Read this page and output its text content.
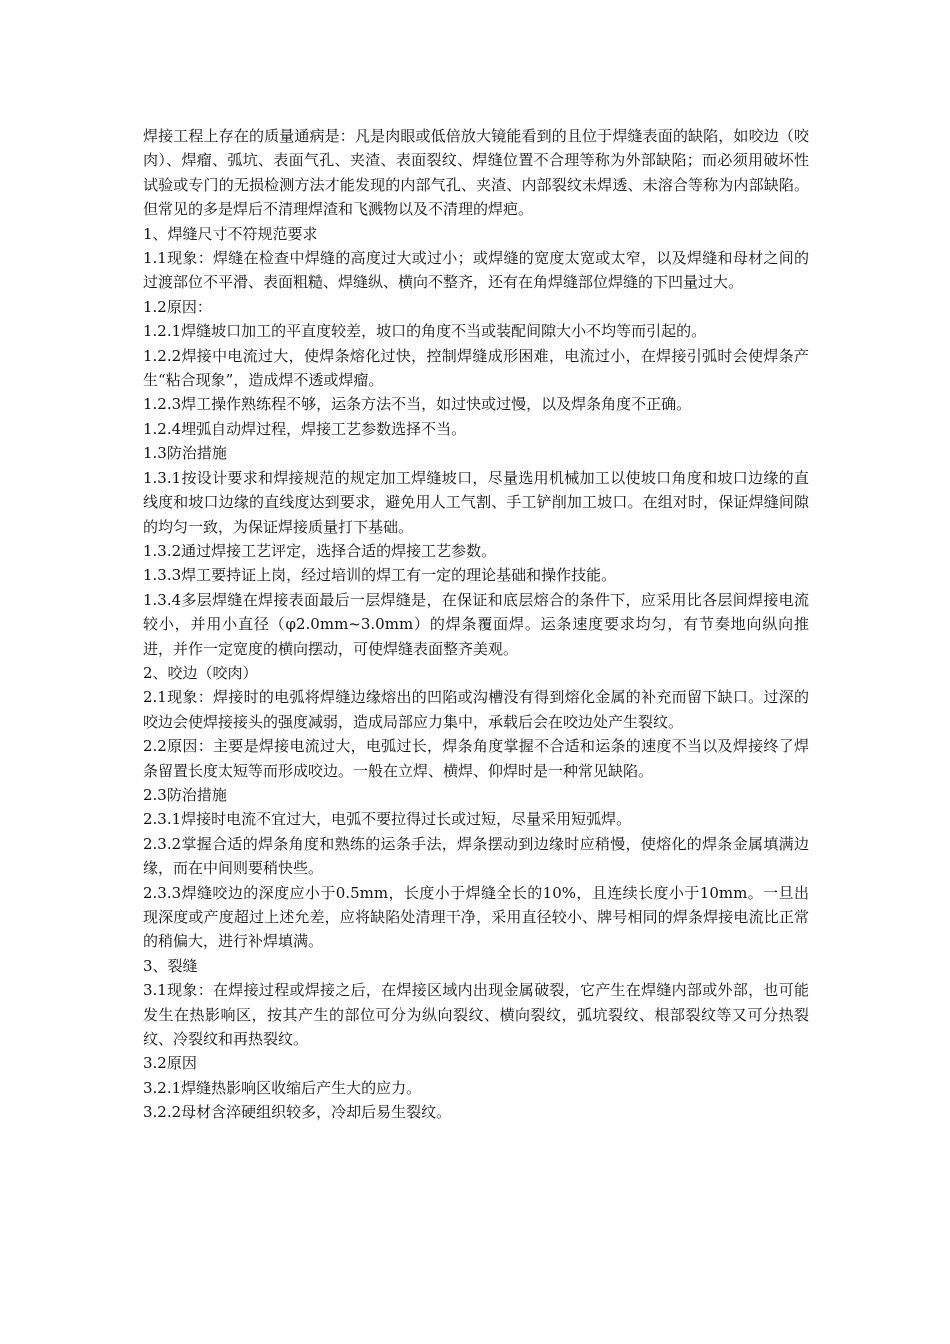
焊接工程上存在的质量通病是：凡是肉眼或低倍放大镜能看到的且位于焊缝表面的缺陷，如咬边（咬肉）、焊瘤、弧坑、表面气孔、夹渣、表面裂纹、焊缝位置不合理等称为外部缺陷；而必须用破坏性试验或专门的无损检测方法才能发现的内部气孔、夹渣、内部裂纹未焊透、未溶合等称为内部缺陷。但常见的多是焊后不清理焊渣和飞溅物以及不清理的焊疤。

1、焊缝尺寸不符规范要求

1.1现象：焊缝在检查中焊缝的高度过大或过小；或焊缝的宽度太宽或太窄，以及焊缝和母材之间的过渡部位不平滑、表面粗糙、焊缝纵、横向不整齐，还有在角焊缝部位焊缝的下凹量过大。

1.2原因：

1.2.1焊缝坡口加工的平直度较差，坡口的角度不当或装配间隙大小不均等而引起的。

1.2.2焊接中电流过大，使焊条熔化过快，控制焊缝成形困难，电流过小，在焊接引弧时会使焊条产生“粘合现象”，造成焊不透或焊瘤。

1.2.3焊工操作熟练程不够，运条方法不当，如过快或过慢，以及焊条角度不正确。

1.2.4埋弧自动焊过程，焊接工艺参数选择不当。

1.3防治措施

1.3.1按设计要求和焊接规范的规定加工焊缝坡口，尽量选用机械加工以使坡口角度和坡口边缘的直线度和坡口边缘的直线度达到要求，避免用人工气割、手工铲削加工坡口。在组对时，保证焊缝间隙的均匀一致，为保证焊接质量打下基础。

1.3.2通过焊接工艺评定，选择合适的焊接工艺参数。

1.3.3焊工要持证上岗，经过培训的焊工有一定的理论基础和操作技能。

1.3.4多层焊缝在焊接表面最后一层焊缝是，在保证和底层熔合的条件下，应采用比各层间焊接电流较小，并用小直径（φ2.0mm~3.0mm）的焊条覆面焊。运条速度要求均匀，有节奏地向纵向推进，并作一定宽度的横向摆动，可使焊缝表面整齐美观。

2、咬边（咬肉）

2.1现象：焊接时的电弧将焊缝边缘熔出的凹陷或沟槽没有得到熔化金属的补充而留下缺口。过深的咬边会使焊接接头的强度减弱，造成局部应力集中，承载后会在咬边处产生裂纹。

2.2原因：主要是焊接电流过大，电弧过长，焊条角度掌握不合适和运条的速度不当以及焊接终了焊条留置长度太短等而形成咬边。一般在立焊、横焊、仰焊时是一种常见缺陷。

2.3防治措施

2.3.1焊接时电流不宜过大，电弧不要拉得过长或过短，尽量采用短弧焊。

2.3.2掌握合适的焊条角度和熟练的运条手法，焊条摆动到边缘时应稍慢，使熔化的焊条金属填满边缘，而在中间则要稍快些。

2.3.3焊缝咬边的深度应小于0.5mm，长度小于焊缝全长的10%，且连续长度小于10mm。一旦出现深度或产度超过上述允差，应将缺陷处清理干净，采用直径较小、牌号相同的焊条焊接电流比正常的稍偏大，进行补焊填满。

3、裂缝

3.1现象：在焊接过程或焊接之后，在焊接区域内出现金属破裂，它产生在焊缝内部或外部，也可能发生在热影响区，按其产生的部位可分为纵向裂纹、横向裂纹，弧坑裂纹、根部裂纹等又可分热裂纹、冷裂纹和再热裂纹。

3.2原因

3.2.1焊缝热影响区收缩后产生大的应力。

3.2.2母材含淬硬组织较多，冷却后易生裂纹。
